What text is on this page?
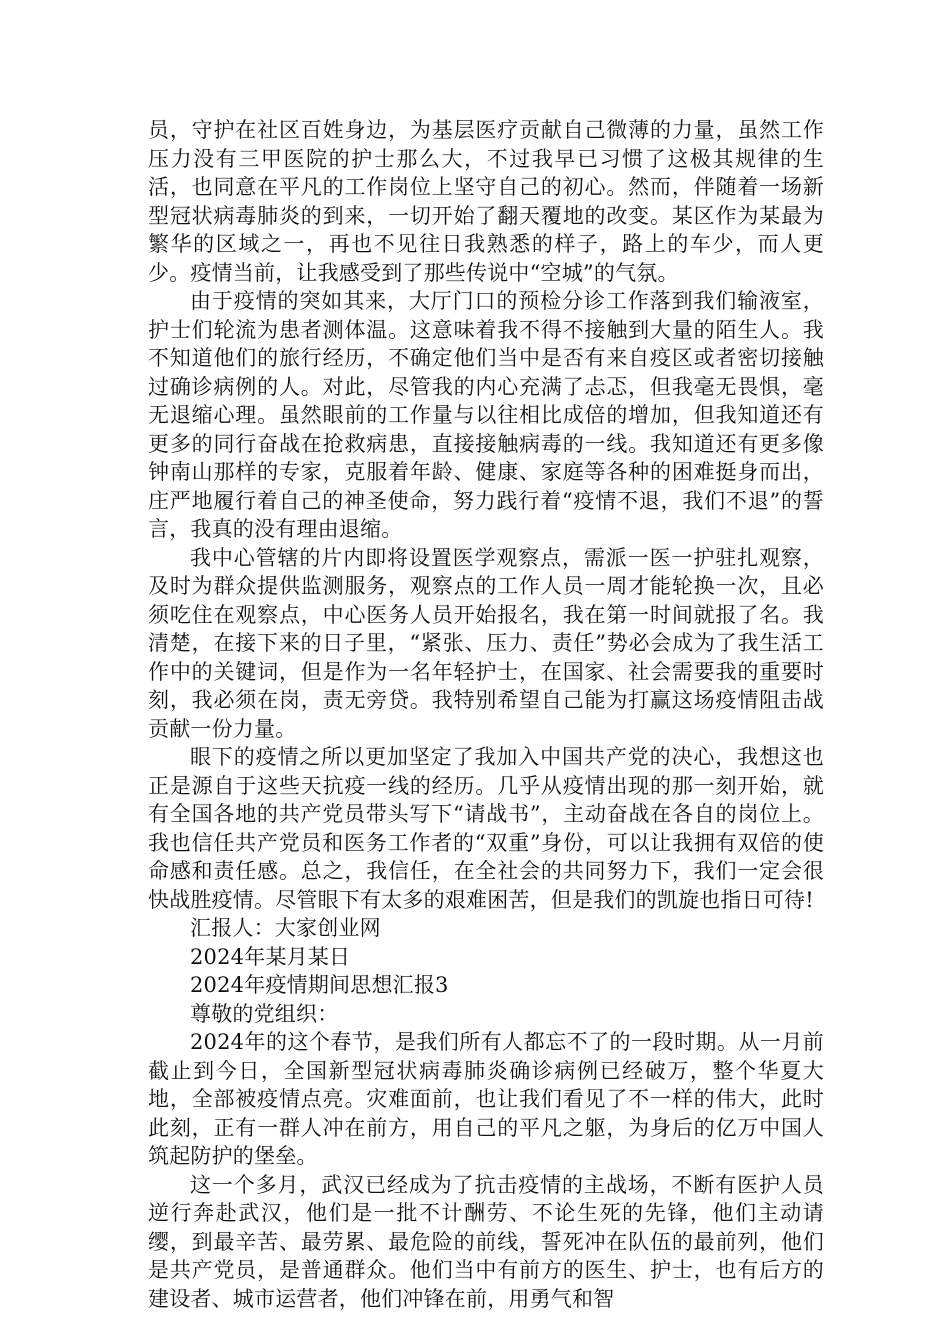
员，守护在社区百姓身边，为基层医疗贡献自己微薄的力量，虽然工作压力没有三甲医院的护士那么大，不过我早已习惯了这极其规律的生活，也同意在平凡的工作岗位上坚守自己的初心。然而，伴随着一场新型冠状病毒肺炎的到来，一切开始了翻天覆地的改变。某区作为某最为繁华的区域之一，再也不见往日我熟悉的样子，路上的车少，而人更少。疫情当前，让我感受到了那些传说中“空城”的气氛。

由于疫情的突如其来，大厅门口的预检分诊工作落到我们输液室，护士们轮流为患者测体温。这意味着我不得不接触到大量的陌生人。我不知道他们的旅行经历，不确定他们当中是否有来自疫区或者密切接触过确诊病例的人。对此，尽管我的内心充满了忐忑，但我毫无畏惧，毫无退缩心理。虽然眼前的工作量与以往相比成倍的增加，但我知道还有更多的同行奋战在抢救病患，直接接触病毒的一线。我知道还有更多像钟南山那样的专家，克服着年龄、健康、家庭等各种的困难挺身而出，庄严地履行着自己的神圣使命，努力践行着“疫情不退，我们不退”的誓言，我真的没有理由退缩。

我中心管辖的片内即将设置医学观察点，需派一医一护驻扎观察，及时为群众提供监测服务，观察点的工作人员一周才能轮换一次，且必须吃住在观察点，中心医务人员开始报名，我在第一时间就报了名。我清楚，在接下来的日子里，“紧张、压力、责任”势必会成为了我生活工作中的关键词，但是作为一名年轻护士，在国家、社会需要我的重要时刻，我必须在岗，责无旁贷。我特别希望自己能为打赢这场疫情阻击战贡献一份力量。

眼下的疫情之所以更加坚定了我加入中国共产党的决心，我想这也正是源自于这些天抗疫一线的经历。几乎从疫情出现的那一刻开始，就有全国各地的共产党员带头写下“请战书”，主动奋战在各自的岗位上。我也信任共产党员和医务工作者的“双重”身份，可以让我拥有双倍的使命感和责任感。总之，我信任，在全社会的共同努力下，我们一定会很快战胜疫情。尽管眼下有太多的艰难困苦，但是我们的凯旋也指日可待!

汇报人：大家创业网

2024年某月某日

2024年疫情期间思想汇报3

尊敬的党组织：

2024年的这个春节，是我们所有人都忘不了的一段时期。从一月前截止到今日，全国新型冠状病毒肺炎确诊病例已经破万，整个华夏大地，全部被疫情点亮。灾难面前，也让我们看见了不一样的伟大，此时此刻，正有一群人冲在前方，用自己的平凡之躯，为身后的亿万中国人筑起防护的堡垒。

这一个多月，武汉已经成为了抗击疫情的主战场，不断有医护人员逆行奔赴武汉，他们是一批不计酬劳、不论生死的先锋，他们主动请缨，到最辛苦、最劳累、最危险的前线，誓死冲在队伍的最前列，他们是共产党员，是普通群众。他们当中有前方的医生、护士，也有后方的建设者、城市运营者，他们冲锋在前，用勇气和智
